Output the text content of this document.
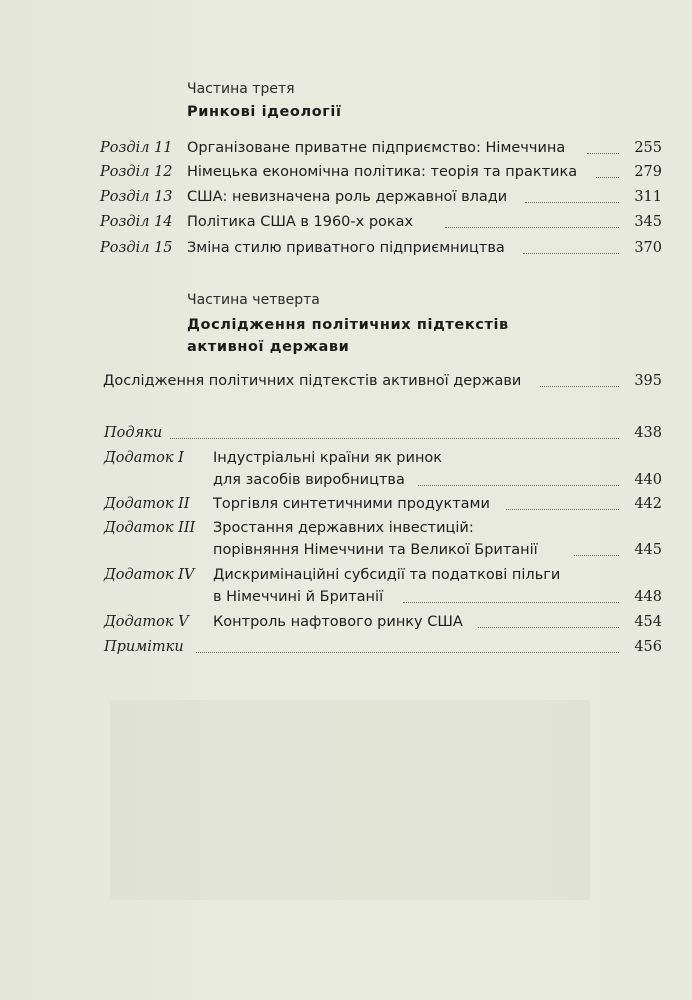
Частина третя
Ринкові ідеології
Розділ 11 Організоване приватне підприємство: Німеччина	255
Розділ 12 Німецька економічна політика: теорія та практика	279
Розділ 13 США: невизначена роль державної влади	311
Розділ 14 Політика США в 1960-х роках	345
Розділ 15 Зміна стилю приватного підприємництва	370
Частина четверта
Дослідження політичних підтекстів
активної держави
Дослідження політичних підтекстів активної держави	395
Подяки	438
Додаток I Індустріальні країни як ринок
для засобів виробництва	440
Додаток II Торгівля синтетичними продуктами	442
Додаток III Зростання державних інвестицій:
порівняння Німеччини та Великої Британії	445
Додаток IV Дискримінаційні субсидії та податкові пільги
в Німеччині й Британії	448
Додаток V Контроль нафтового ринку США	454
Примітки	456
